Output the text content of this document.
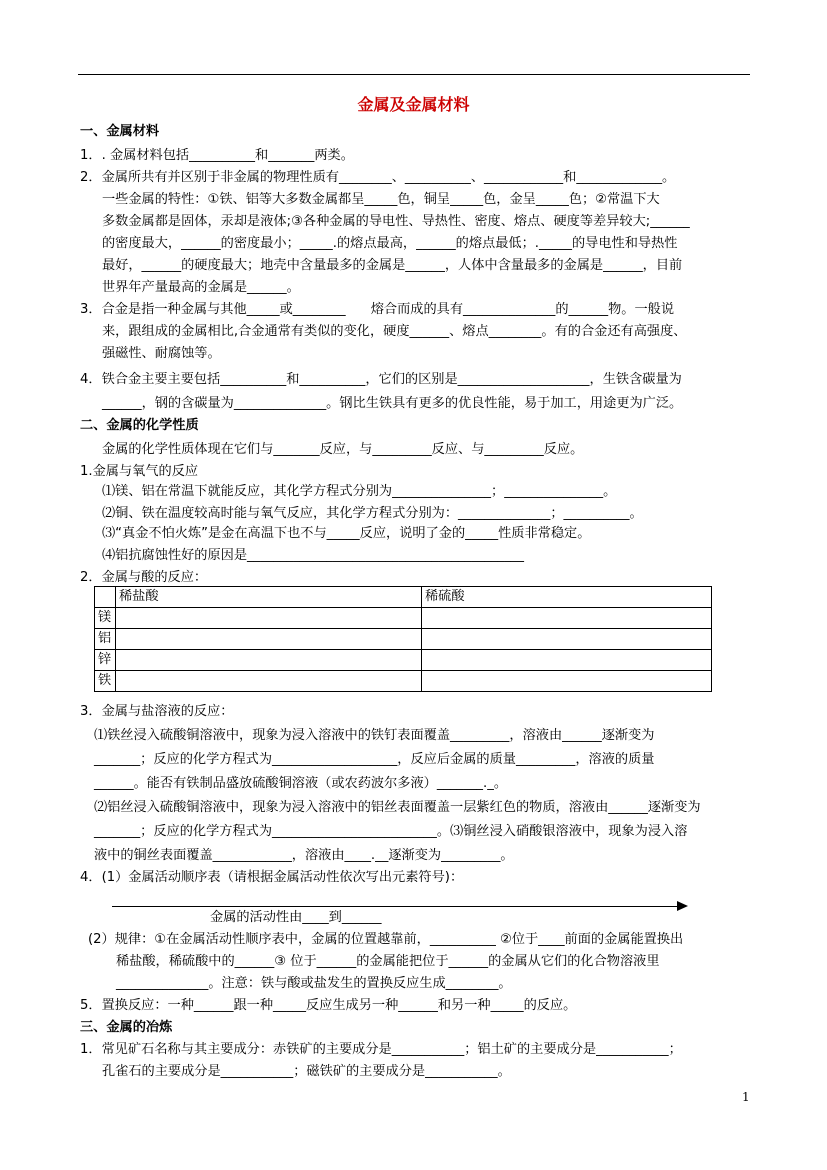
金属及金属材料
一、金属材料
1．. 金属材料包括__________和_______两类。
2．金属所共有并区别于非金属的物理性质有________、__________、____________和_____________。
一些金属的特性：①铁、铝等大多数金属都呈_____色，铜呈_____色，金呈_____色；②常温下大
多数金属都是固体，汞却是液体;③各种金属的导电性、导热性、密度、熔点、硬度等差异较大;______
的密度最大，______的密度最小；_____.的熔点最高，______的熔点最低；._____的导电性和导热性
最好，______的硬度最大；地壳中含量最多的金属是______，人体中含量最多的金属是______，目前
世界年产量最高的金属是______。
3．合金是指一种金属与其他_____或________      熔合而成的具有______________的______物。一般说
来，跟组成的金属相比,合金通常有类似的变化，硬度______、熔点________。有的合金还有高强度、
强磁性、耐腐蚀等。
4．铁合金主要主要包括__________和__________，它们的区别是____________________，生铁含碳量为
______，钢的含碳量为______________。钢比生铁具有更多的优良性能，易于加工，用途更为广泛。
二、金属的化学性质
金属的化学性质体现在它们与_______反应，与_________反应、与_________反应。
1.金属与氧气的反应
⑴镁、铝在常温下就能反应，其化学方程式分别为_______________；_______________。
⑵铜、铁在温度较高时能与氧气反应，其化学方程式分别为：______________；__________。
⑶“真金不怕火炼”是金在高温下也不与_____反应，说明了金的_____性质非常稳定。
⑷铝抗腐蚀性好的原因是__________________________________________
2．金属与酸的反应：
3．金属与盐溶液的反应：
⑴铁丝浸入硫酸铜溶液中，现象为浸入溶液中的铁钉表面覆盖_________，溶液由______逐渐变为
_______；反应的化学方程式为___________________，反应后金属的质量_________，溶液的质量
______。能否有铁制品盛放硫酸铜溶液（或农药波尔多液）_______._。
⑵铝丝浸入硫酸铜溶液中，现象为浸入溶液中的铝丝表面覆盖一层紫红色的物质，溶液由______逐渐变为
_______；反应的化学方程式为_________________________。⑶铜丝浸入硝酸银溶液中，现象为浸入溶
液中的铜丝表面覆盖____________，溶液由____.__逐渐变为_________。
4．(1）金属活动顺序表（请根据金属活动性依次写出元素符号)：
金属的活动性由____到______
(2）规律：①在金属活动性顺序表中，金属的位置越靠前，__________ ②位于____前面的金属能置换出
稀盐酸，稀硫酸中的______③ 位于______的金属能把位于______的金属从它们的化合物溶液里
______________。注意：铁与酸或盐发生的置换反应生成________。
5．置换反应：一种______跟一种_____反应生成另一种______和另一种_____的反应。
三、金属的冶炼
1．常见矿石名称与其主要成分：赤铁矿的主要成分是___________；铝土矿的主要成分是___________；
孔雀石的主要成分是___________；磁铁矿的主要成分是___________。
	稀盐酸	稀硫酸
镁		
铝		
锌		
铁		
1
